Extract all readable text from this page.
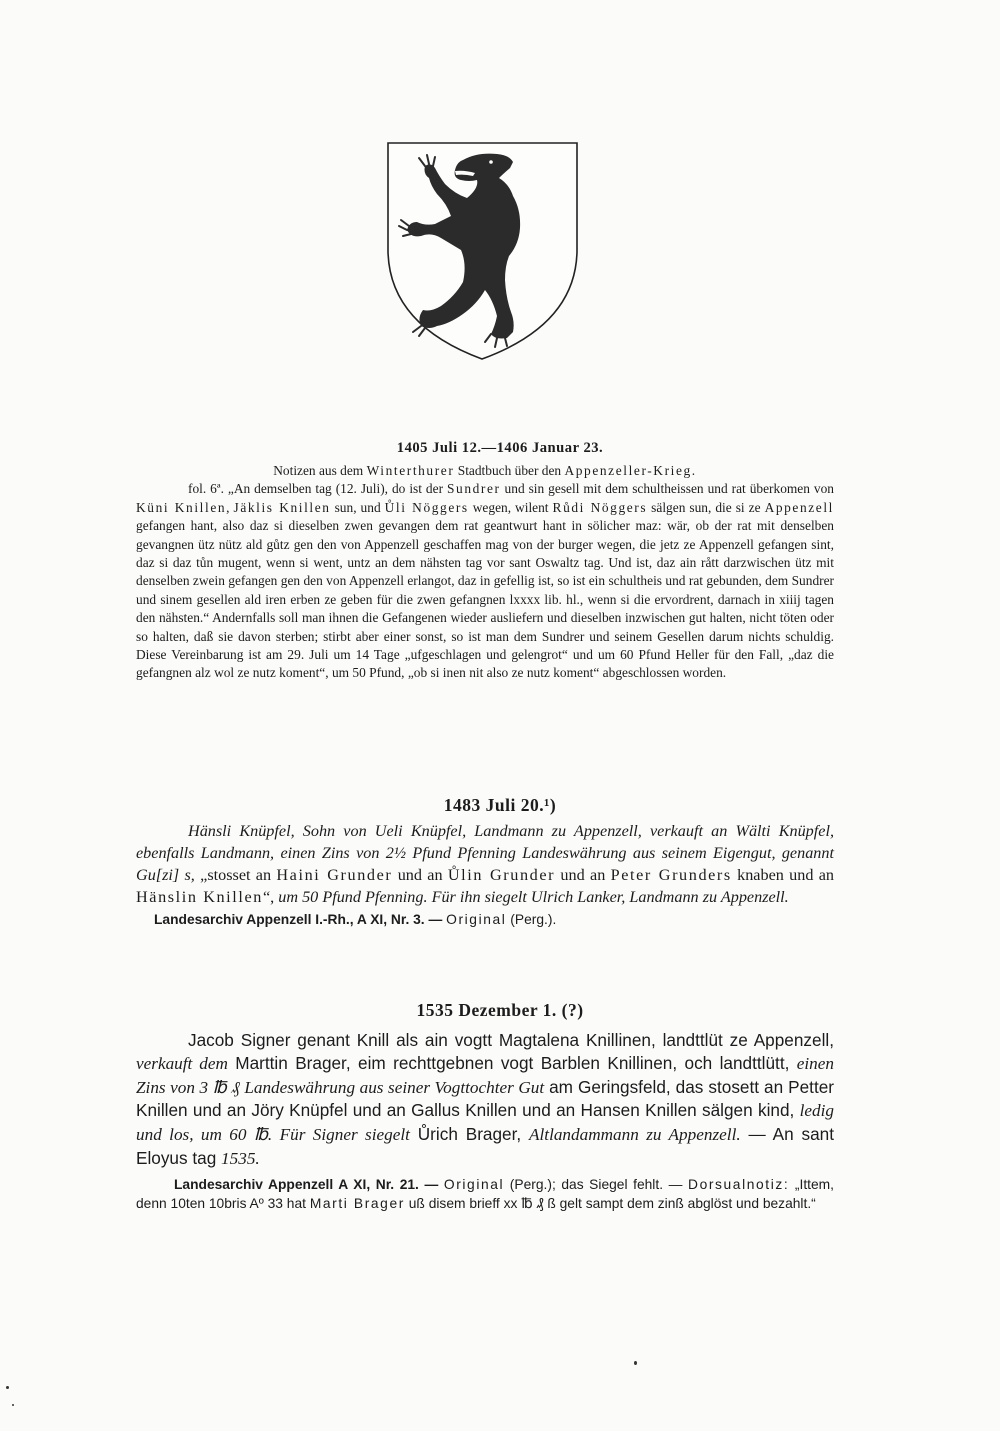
1405 Juli 12.—1406 Januar 23.
Notizen aus dem Winterthurer Stadtbuch über den Appenzeller-Krieg.
fol. 6ª. „An demselben tag (12. Juli), do ist der Sundrer und sin gesell mit dem schultheissen und rat überkomen von Küni Knillen, Jäklis Knillen sun, und Ůli Nöggers wegen, wilent Růdi Nöggers sälgen sun, die si ze Appenzell gefangen hant, also daz si dieselben zwen gevangen dem rat geantwurt hant in sölicher maz: wär, ob der rat mit denselben gevangnen ütz nütz ald gůtz gen den von Appenzell geschaffen mag von der burger wegen, die jetz ze Appenzell gefangen sint, daz si daz tůn mugent, wenn si went, untz an dem nähsten tag vor sant Oswaltz tag. Und ist, daz ain rått darzwischen ütz mit denselben zwein gefangen gen den von Appenzell erlangot, daz in gefellig ist, so ist ein schultheis und rat gebunden, dem Sundrer und sinem gesellen ald iren erben ze geben für die zwen gefangnen lxxxx lib. hl., wenn si die ervordrent, darnach in xiiij tagen den nähsten.“ Andernfalls soll man ihnen die Gefangenen wieder ausliefern und dieselben inzwischen gut halten, nicht töten oder so halten, daß sie davon sterben; stirbt aber einer sonst, so ist man dem Sundrer und seinem Gesellen darum nichts schuldig. Diese Vereinbarung ist am 29. Juli um 14 Tage „ufgeschlagen und gelengrot“ und um 60 Pfund Heller für den Fall, „daz die gefangnen alz wol ze nutz koment“, um 50 Pfund, „ob si inen nit also ze nutz koment“ abgeschlossen worden.
1483 Juli 20.¹)
Hänsli Knüpfel, Sohn von Ueli Knüpfel, Landmann zu Appenzell, verkauft an Wälti Knüpfel, ebenfalls Landmann, einen Zins von 2½ Pfund Pfenning Landeswährung aus seinem Eigengut, genannt Gu[zi] s, „stosset an Haini Grunder und an Ůlin Grunder und an Peter Grunders knaben und an Hänslin Knillen“, um 50 Pfund Pfenning. Für ihn siegelt Ulrich Lanker, Landmann zu Appenzell.
Landesarchiv Appenzell I.-Rh., A XI, Nr. 3. — Original (Perg.).
1535 Dezember 1. (?)
Jacob Signer genant Knill als ain vogtt Magtalena Knillinen, landttlüt ze Appenzell, verkauft dem Marttin Brager, eim rechttgebnen vogt Barblen Knillinen, och landttlütt, einen Zins von 3 ℔ ₰ Landeswährung aus seiner Vogttochter Gut am Geringsfeld, das stosett an Petter Knillen und an Jöry Knüpfel und an Gallus Knillen und an Hansen Knillen sälgen kind, ledig und los, um 60 ℔. Für Signer siegelt Ůrich Brager, Altlandammann zu Appenzell. — An sant Eloyus tag 1535.
Landesarchiv Appenzell A XI, Nr. 21. — Original (Perg.); das Siegel fehlt. — Dorsualnotiz: „Ittem, denn 10ten 10bris Aº 33 hat Marti Brager uß disem brieff xx ℔ ₰ ß gelt sampt dem zinß abglöst und bezahlt.“
